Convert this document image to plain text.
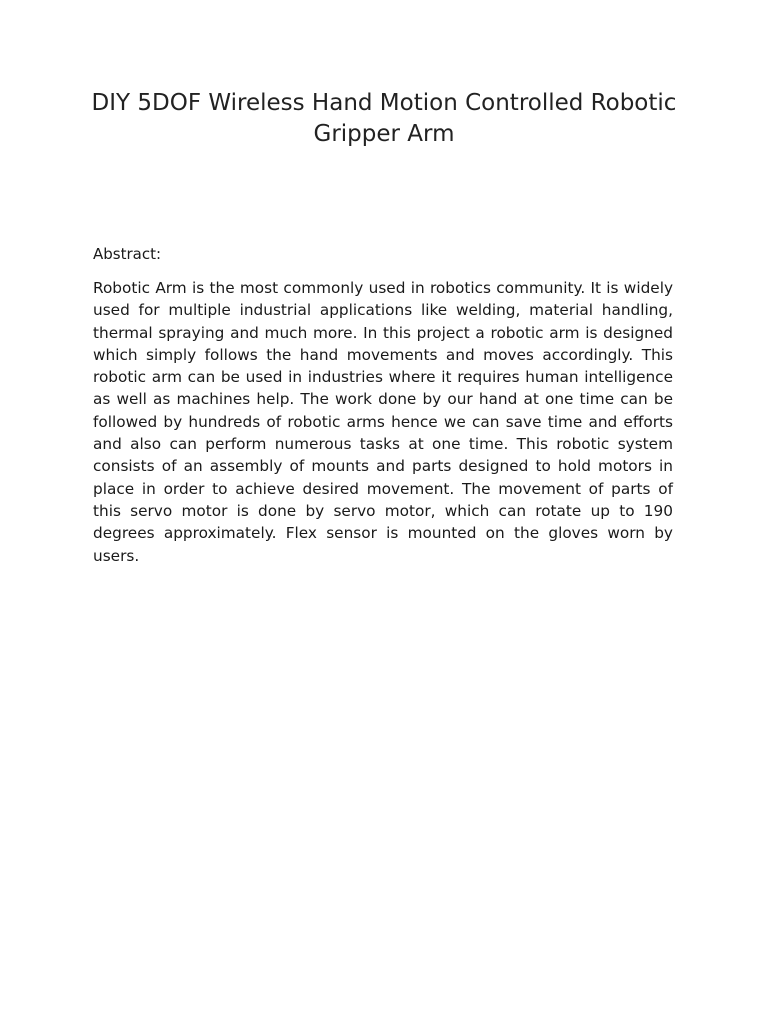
DIY 5DOF Wireless Hand Motion Controlled Robotic Gripper Arm
Abstract:

Robotic Arm is the most commonly used in robotics community. It is widely used for multiple industrial applications like welding, material handling, thermal spraying and much more. In this project a robotic arm is designed which simply follows the hand movements and moves accordingly. This robotic arm can be used in industries where it requires human intelligence as well as machines help. The work done by our hand at one time can be followed by hundreds of robotic arms hence we can save time and efforts and also can perform numerous tasks at one time. This robotic system consists of an assembly of mounts and parts designed to hold motors in place in order to achieve desired movement. The movement of parts of this servo motor is done by servo motor, which can rotate up to 190 degrees approximately. Flex sensor is mounted on the gloves worn by users.
